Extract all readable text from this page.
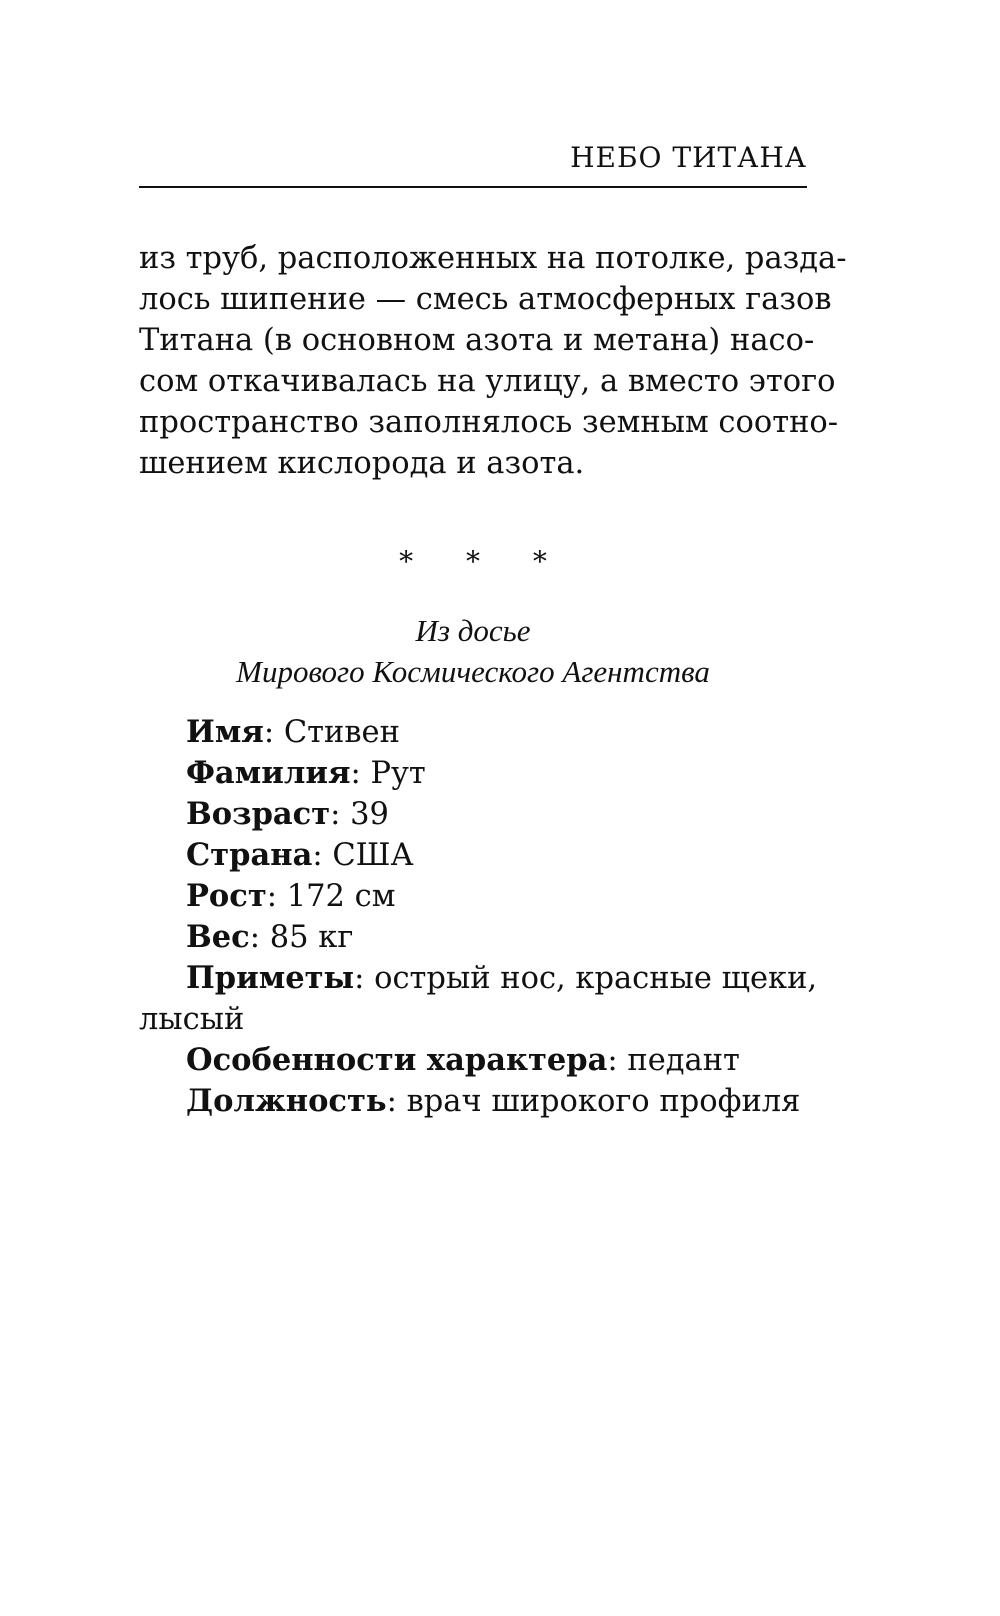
НЕБО ТИТАНА
из труб, расположенных на потолке, разда-
лось шипение — смесь атмосферных газов
Титана (в основном азота и метана) насо-
сом откачивалась на улицу, а вместо этого
пространство заполнялось земным соотно-
шением кислорода и азота.
* * *
Из досье
Мирового Космического Агентства
Имя: Стивен
Фамилия: Рут
Возраст: 39
Страна: США
Рост: 172 см
Вес: 85 кг
Приметы: острый нос, красные щеки,
лысый
Особенности характера: педант
Должность: врач широкого профиля
